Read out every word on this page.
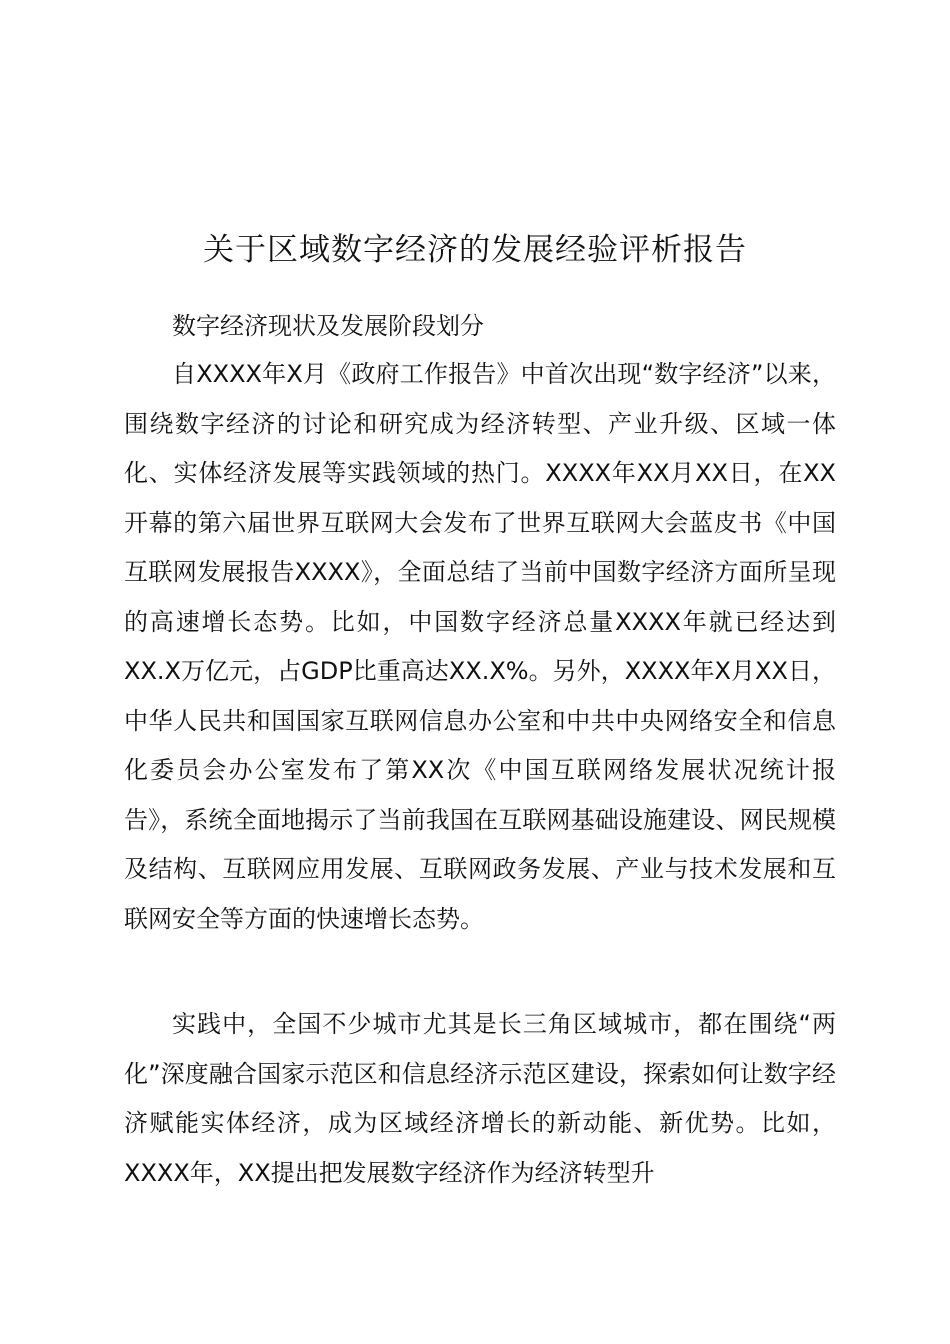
关于区域数字经济的发展经验评析报告

数字经济现状及发展阶段划分

自XXXX年X月《政府工作报告》中首次出现“数字经济”以来，围绕数字经济的讨论和研究成为经济转型、产业升级、区域一体化、实体经济发展等实践领域的热门。XXXX年XX月XX日，在XX开幕的第六届世界互联网大会发布了世界互联网大会蓝皮书《中国互联网发展报告XXXX》，全面总结了当前中国数字经济方面所呈现的高速增长态势。比如，中国数字经济总量XXXX年就已经达到XX.X万亿元，占GDP比重高达XX.X%。另外，XXXX年X月XX日，中华人民共和国国家互联网信息办公室和中共中央网络安全和信息化委员会办公室发布了第XX次《中国互联网络发展状况统计报告》，系统全面地揭示了当前我国在互联网基础设施建设、网民规模及结构、互联网应用发展、互联网政务发展、产业与技术发展和互联网安全等方面的快速增长态势。

实践中，全国不少城市尤其是长三角区域城市，都在围绕“两化”深度融合国家示范区和信息经济示范区建设，探索如何让数字经济赋能实体经济，成为区域经济增长的新动能、新优势。比如，XXXX年，XX提出把发展数字经济作为经济转型升
